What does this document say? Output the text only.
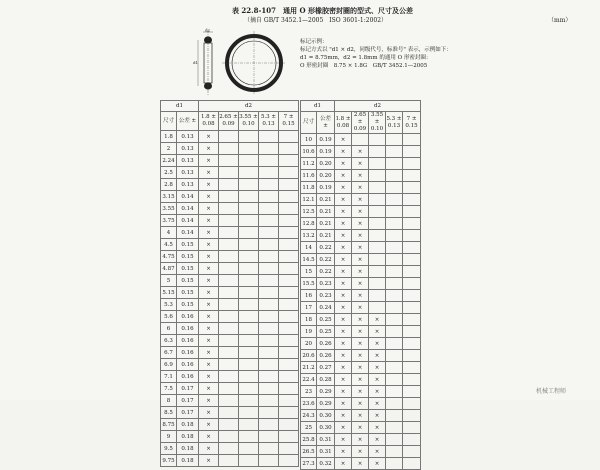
表 22.8-107　通用 O 形橡胶密封圈的型式、尺寸及公差
（摘自 GB/T 3452.1—2005　ISO 3601-1:2002）	（mm）
d2
d1
标记示例：
标记方式以 "d1 × d2，同级代号，标准号" 表示，示例如下：
d1 = 8.75mm，d2 = 1.8mm 的通用 O 形密封圈：
O 形密封圈　8.75 × 1.8G　GB/T 3452.1—2005
d1		d2				
尺寸	公差 ±	1.8 ± 0.08	2.65 ± 0.09	3.55 ± 0.10	5.3 ± 0.13	7 ± 0.15
1.8	0.13	×				
2	0.13	×				
2.24	0.13	×				
2.5	0.13	×				
2.8	0.13	×				
3.15	0.14	×				
3.55	0.14	×				
3.75	0.14	×				
4	0.14	×				
4.5	0.15	×				
4.75	0.15	×				
4.87	0.15	×				
5	0.15	×				
5.15	0.15	×				
5.3	0.15	×				
5.6	0.16	×				
6	0.16	×				
6.3	0.16	×				
6.7	0.16	×				
6.9	0.16	×				
7.1	0.16	×				
7.5	0.17	×				
8	0.17	×				
8.5	0.17	×				
8.75	0.18	×				
9	0.18	×				
9.5	0.18	×				
9.75	0.18	×				
d1		d2				
尺寸	公差 ±	1.8 ± 0.08	2.65 ± 0.09	3.55 ± 0.10	5.3 ± 0.13	7 ± 0.15
10	0.19	×				
10.6	0.19	×	×			
11.2	0.20	×	×			
11.6	0.20	×	×			
11.8	0.19	×	×			
12.1	0.21	×	×			
12.5	0.21	×	×			
12.8	0.21	×	×			
13.2	0.21	×	×			
14	0.22	×	×			
14.5	0.22	×	×			
15	0.22	×	×			
15.5	0.23	×	×			
16	0.23	×	×			
17	0.24	×	×			
18	0.25	×	×	×		
19	0.25	×	×	×		
20	0.26	×	×	×		
20.6	0.26	×	×	×		
21.2	0.27	×	×	×		
22.4	0.28	×	×	×		
23	0.29	×	×	×		
23.6	0.29	×	×	×		
24.3	0.30	×	×	×		
25	0.30	×	×	×		
25.8	0.31	×	×	×		
26.5	0.31	×	×	×		
27.3	0.32	×	×	×		
机械工程师
